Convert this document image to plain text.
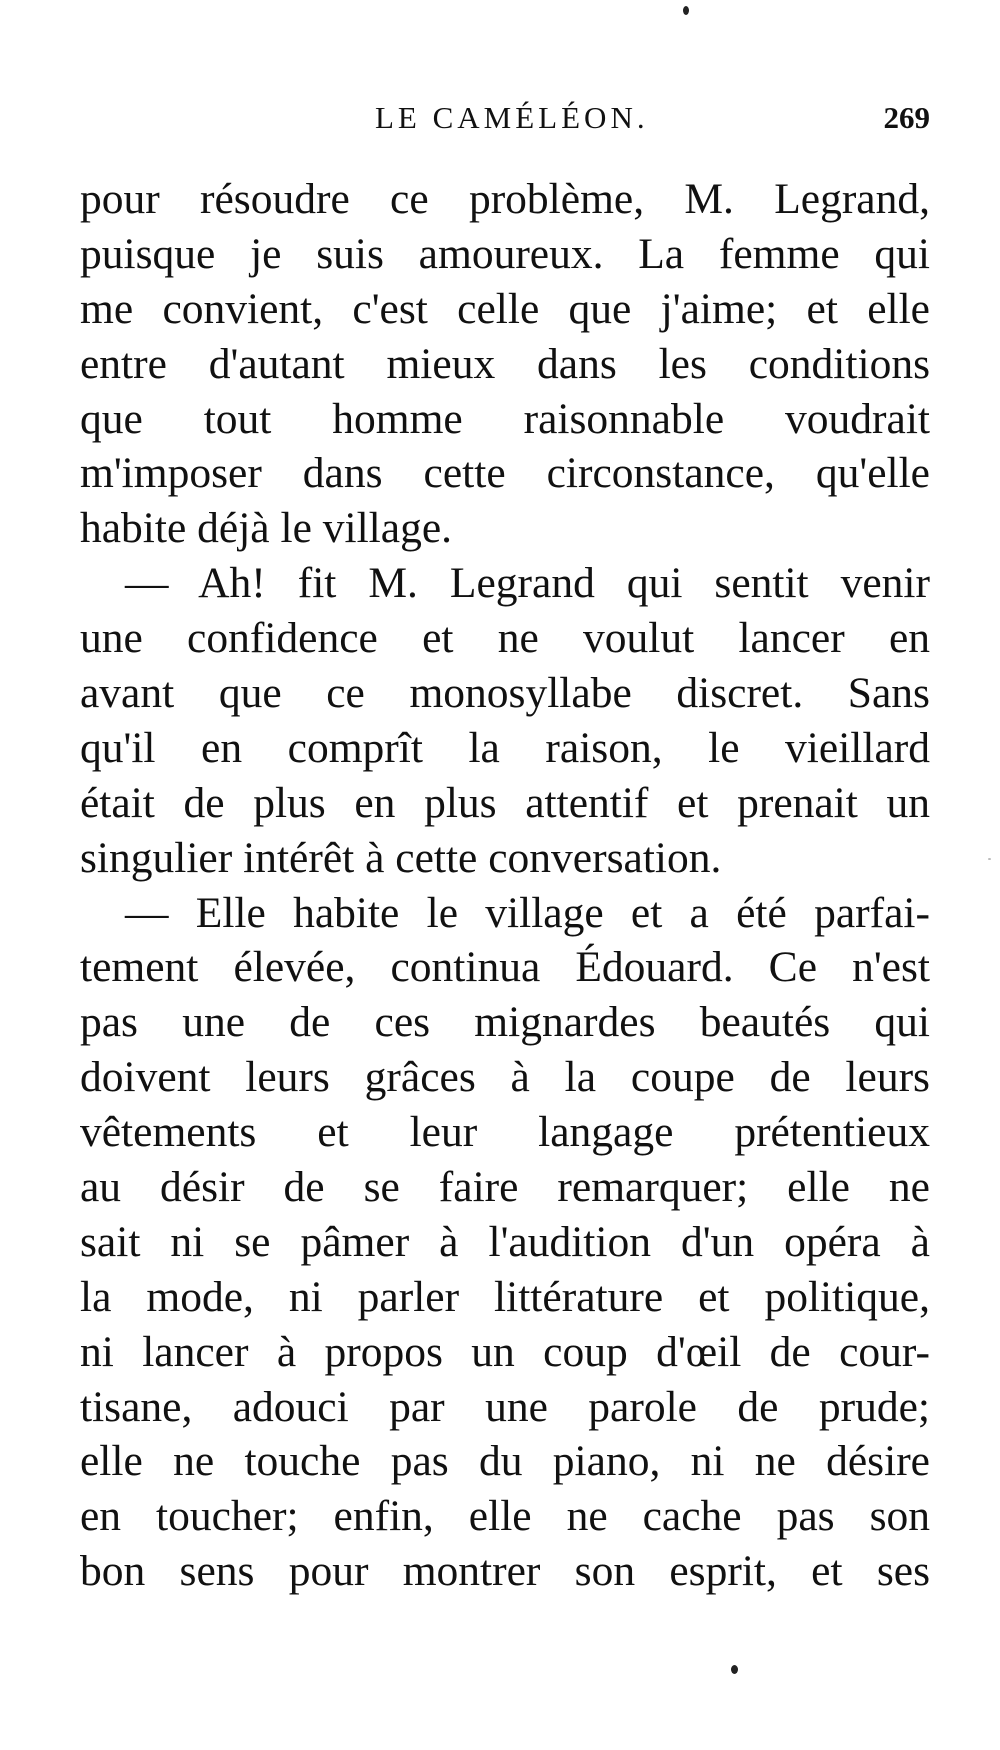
LE CAMÉLÉON.	269
pour résoudre ce problème, M. Legrand,
puisque je suis amoureux. La femme qui
me convient, c'est celle que j'aime; et elle
entre d'autant mieux dans les conditions
que tout homme raisonnable voudrait
m'imposer dans cette circonstance, qu'elle
habite déjà le village.
— Ah! fit M. Legrand qui sentit venir
une confidence et ne voulut lancer en
avant que ce monosyllabe discret. Sans
qu'il en comprît la raison, le vieillard
était de plus en plus attentif et prenait un
singulier intérêt à cette conversation.
— Elle habite le village et a été parfai-
tement élevée, continua Édouard. Ce n'est
pas une de ces mignardes beautés qui
doivent leurs grâces à la coupe de leurs
vêtements et leur langage prétentieux
au désir de se faire remarquer; elle ne
sait ni se pâmer à l'audition d'un opéra à
la mode, ni parler littérature et politique,
ni lancer à propos un coup d'œil de cour-
tisane, adouci par une parole de prude;
elle ne touche pas du piano, ni ne désire
en toucher; enfin, elle ne cache pas son
bon sens pour montrer son esprit, et ses
